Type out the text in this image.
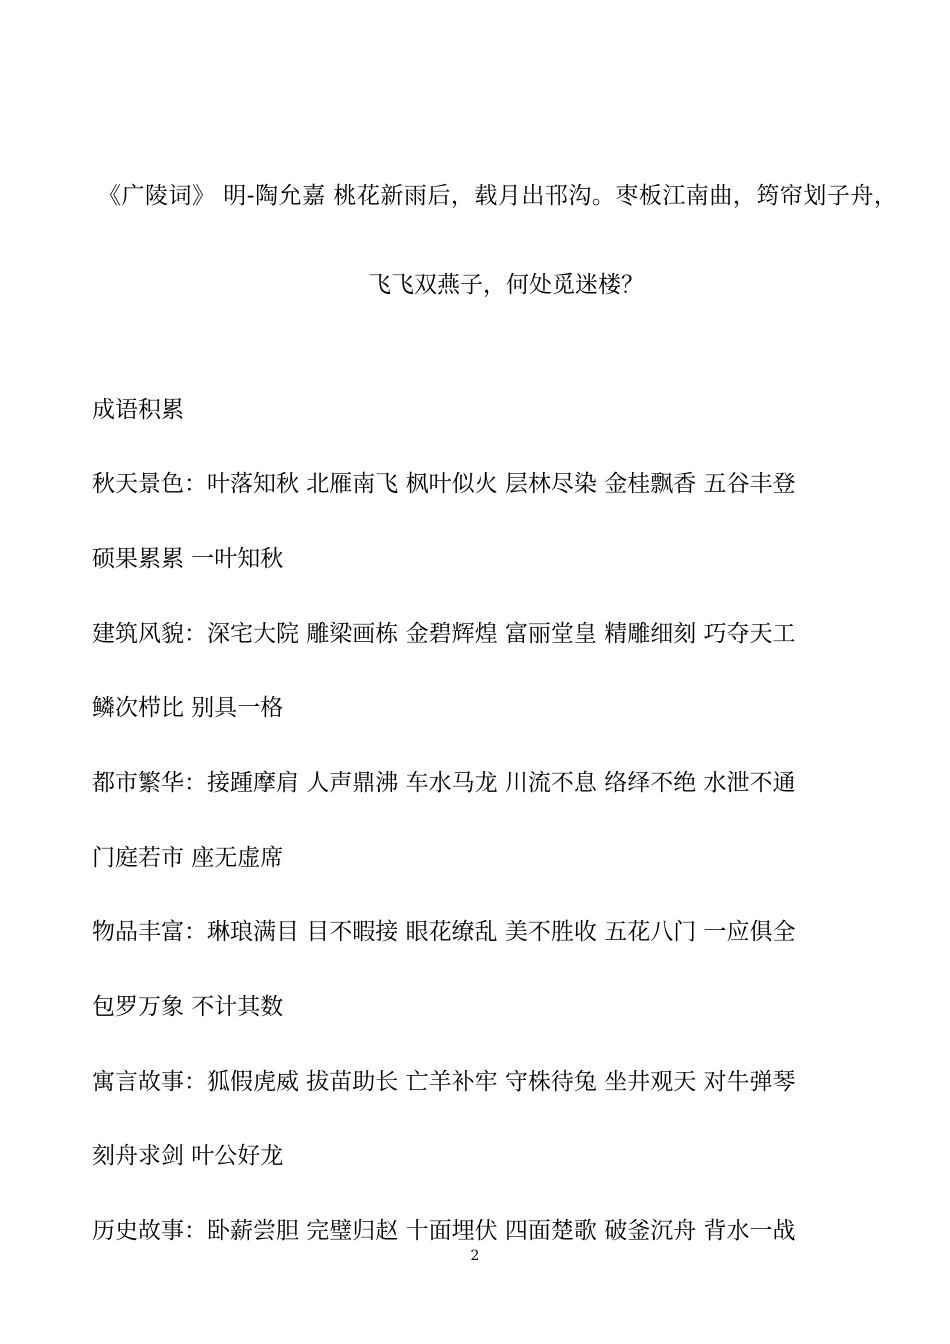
《广陵词》 明-陶允嘉 桃花新雨后，载月出邗沟。枣板江南曲，筠帘划子舟，
飞飞双燕子，何处觅迷楼？
成语积累
秋天景色：叶落知秋 北雁南飞 枫叶似火 层林尽染 金桂飘香 五谷丰登
硕果累累 一叶知秋
建筑风貌：深宅大院 雕梁画栋 金碧辉煌 富丽堂皇 精雕细刻 巧夺天工
鳞次栉比 别具一格
都市繁华：接踵摩肩 人声鼎沸 车水马龙 川流不息 络绎不绝 水泄不通
门庭若市 座无虚席
物品丰富：琳琅满目 目不暇接 眼花缭乱 美不胜收 五花八门 一应俱全
包罗万象 不计其数
寓言故事：狐假虎威 拔苗助长 亡羊补牢 守株待兔 坐井观天 对牛弹琴
刻舟求剑 叶公好龙
历史故事：卧薪尝胆 完璧归赵 十面埋伏 四面楚歌 破釜沉舟 背水一战
2
